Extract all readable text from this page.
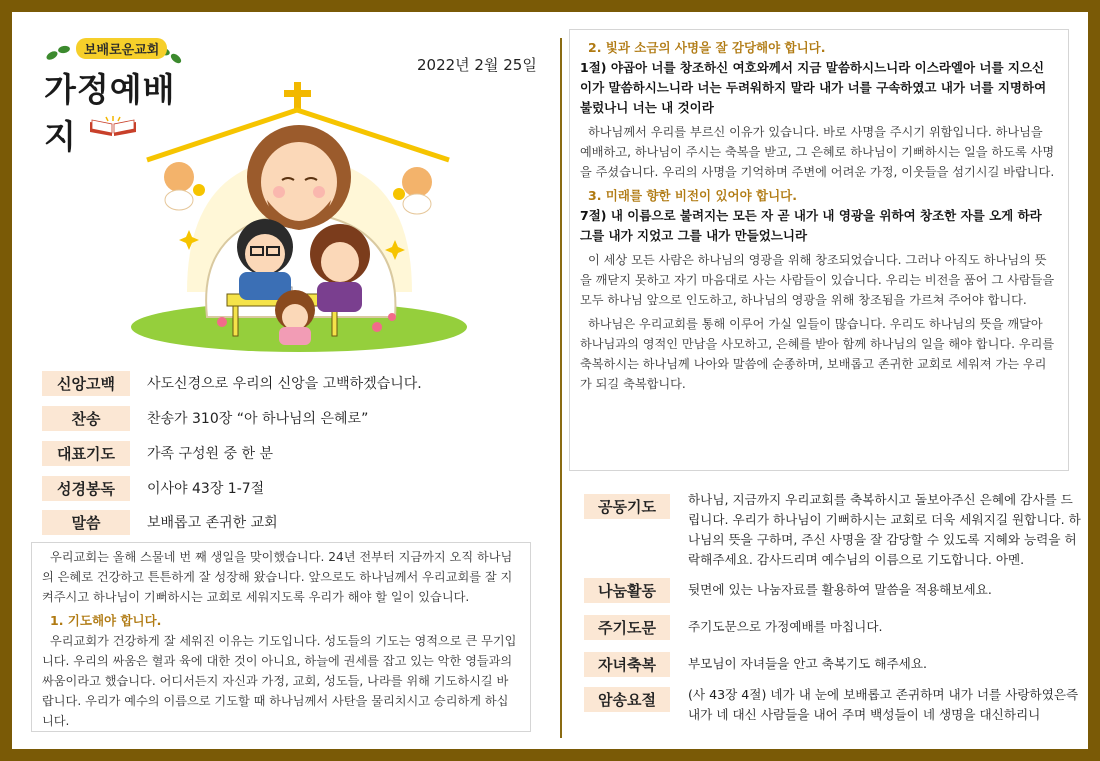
보배로운교회
가정예배지
2022년 2월 25일
신앙고백	사도신경으로 우리의 신앙을 고백하겠습니다.
찬송	찬송가 310장 “아 하나님의 은혜로”
대표기도	가족 구성원 중 한 분
성경봉독	이사야 43장 1-7절
말씀	보배롭고 존귀한 교회

우리교회는 올해 스물네 번 째 생일을 맞이했습니다. 24년 전부터 지금까지 오직 하나님의 은혜로 건강하고 튼튼하게 잘 성장해 왔습니다. 앞으로도 하나님께서 우리교회를 잘 지켜주시고 하나님이 기뻐하시는 교회로 세워지도록 우리가 해야 할 일이 있습니다.

1. 기도해야 합니다.

우리교회가 건강하게 잘 세워진 이유는 기도입니다. 성도들의 기도는 영적으로 큰 무기입니다. 우리의 싸움은 혈과 육에 대한 것이 아니요, 하늘에 권세를 잡고 있는 악한 영들과의 싸움이라고 했습니다. 어디서든지 자신과 가정, 교회, 성도들, 나라를 위해 기도하시길 바랍니다. 우리가 예수의 이름으로 기도할 때 하나님께서 사탄을 물리치시고 승리하게 하십니다.

2. 빛과 소금의 사명을 잘 감당해야 합니다.
1절) 야곱아 너를 창조하신 여호와께서 지금 말씀하시느니라 이스라엘아 너를 지으신 이가 말씀하시느니라 너는 두려워하지 말라 내가 너를 구속하였고 내가 너를 지명하여 불렀나니 너는 내 것이라

하나님께서 우리를 부르신 이유가 있습니다. 바로 사명을 주시기 위함입니다. 하나님을 예배하고, 하나님이 주시는 축복을 받고, 그 은혜로 하나님이 기뻐하시는 일을 하도록 사명을 주셨습니다. 우리의 사명을 기억하며 주변에 어려운 가정, 이웃들을 섬기시길 바랍니다.

3. 미래를 향한 비전이 있어야 합니다.
7절) 내 이름으로 불려지는 모든 자 곧 내가 내 영광을 위하여 창조한 자를 오게 하라 그를 내가 지었고 그를 내가 만들었느니라

이 세상 모든 사람은 하나님의 영광을 위해 창조되었습니다. 그러나 아직도 하나님의 뜻을 깨닫지 못하고 자기 마음대로 사는 사람들이 있습니다. 우리는 비전을 품어 그 사람들을 모두 하나님 앞으로 인도하고, 하나님의 영광을 위해 창조됨을 가르쳐 주어야 합니다.

하나님은 우리교회를 통해 이루어 가실 일들이 많습니다. 우리도 하나님의 뜻을 깨달아 하나님과의 영적인 만남을 사모하고, 은혜를 받아 함께 하나님의 일을 해야 합니다. 우리를 축복하시는 하나님께 나아와 말씀에 순종하며, 보배롭고 존귀한 교회로 세워져 가는 우리가 되길 축복합니다.

공동기도	하나님, 지금까지 우리교회를 축복하시고 돌보아주신 은혜에 감사를 드립니다. 우리가 하나님이 기뻐하시는 교회로 더욱 세워지길 원합니다. 하나님의 뜻을 구하며, 주신 사명을 잘 감당할 수 있도록 지혜와 능력을 허락해주세요. 감사드리며 예수님의 이름으로 기도합니다. 아멘.
나눔활동	뒷면에 있는 나눔자료를 활용하여 말씀을 적용해보세요.
주기도문	주기도문으로 가정예배를 마칩니다.
자녀축복	부모님이 자녀들을 안고 축복기도 해주세요.
암송요절	(사 43장 4절) 네가 내 눈에 보배롭고 존귀하며 내가 너를 사랑하였은즉 내가 네 대신 사람들을 내어 주며 백성들이 네 생명을 대신하리니
